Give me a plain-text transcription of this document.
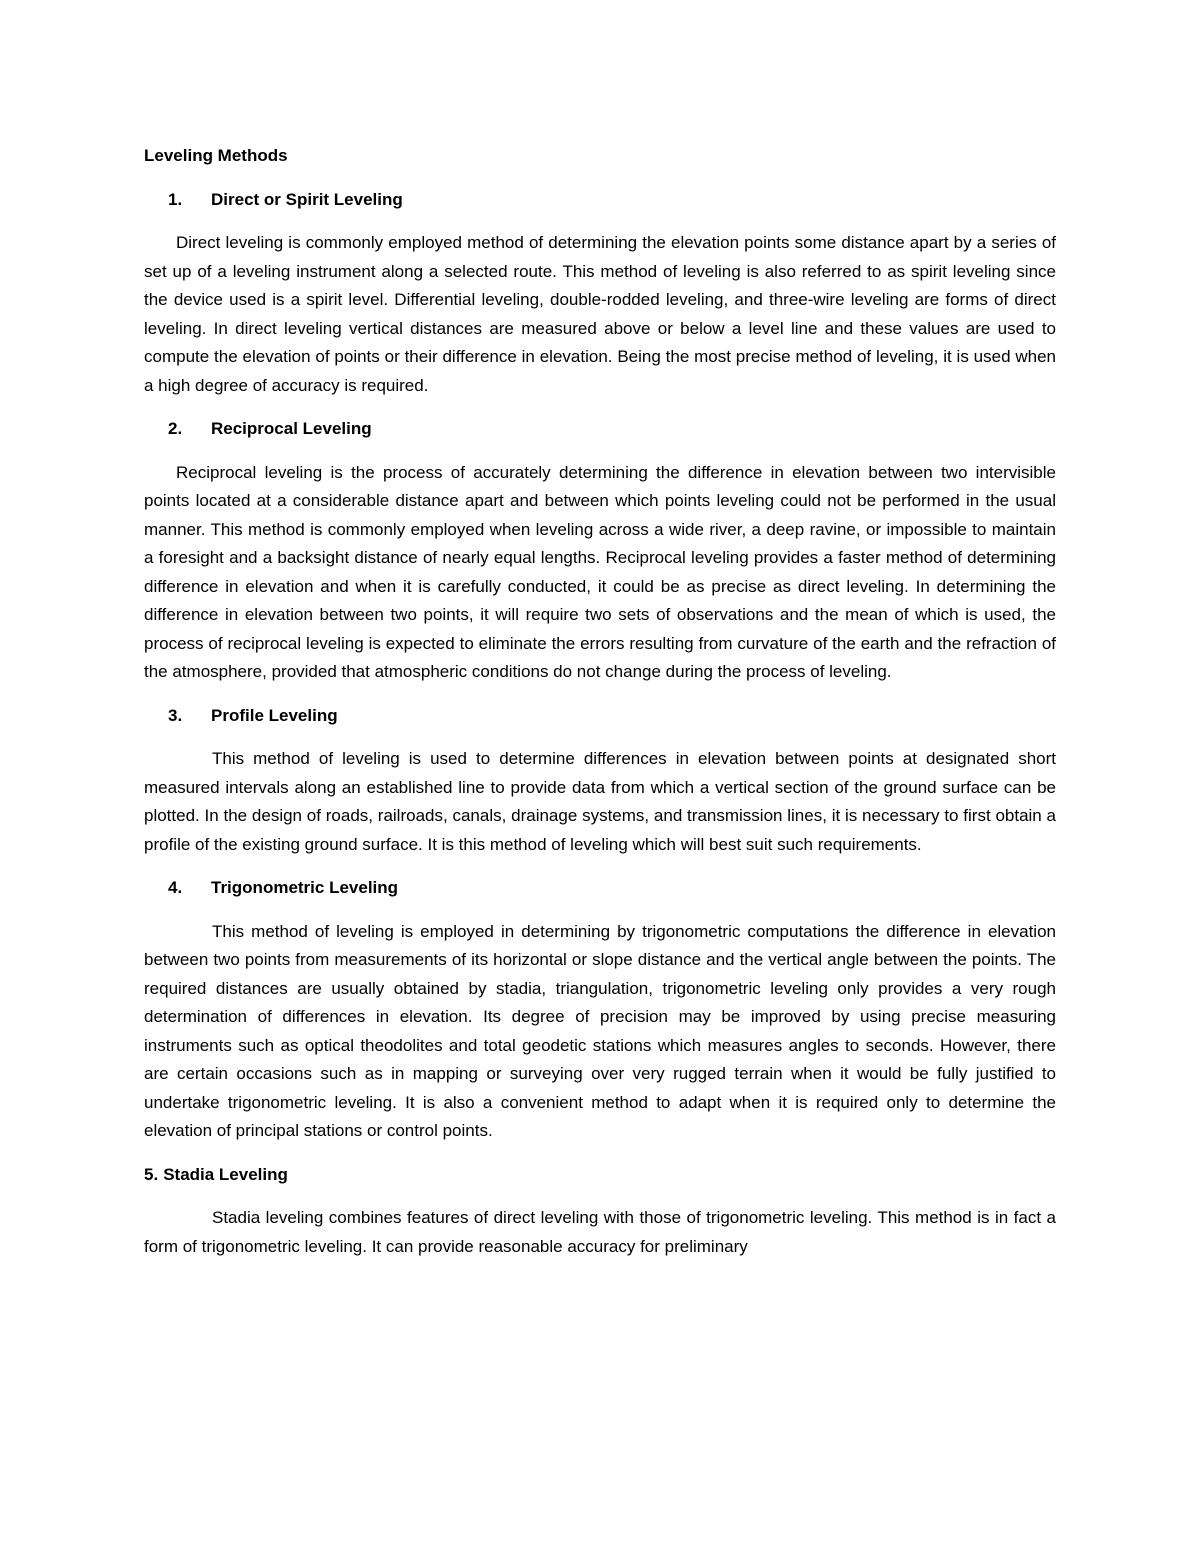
Leveling Methods
1.	Direct or Spirit Leveling

Direct leveling is commonly employed method of determining the elevation points some distance apart by a series of set up of a leveling instrument along a selected route. This method of leveling is also referred to as spirit leveling since the device used is a spirit level. Differential leveling, double-rodded leveling, and three-wire leveling are forms of direct leveling. In direct leveling vertical distances are measured above or below a level line and these values are used to compute the elevation of points or their difference in elevation. Being the most precise method of leveling, it is used when a high degree of accuracy is required.

2.	Reciprocal Leveling

Reciprocal leveling is the process of accurately determining the difference in elevation between two intervisible points located at a considerable distance apart and between which points leveling could not be performed in the usual manner. This method is commonly employed when leveling across a wide river, a deep ravine, or impossible to maintain a foresight and a backsight distance of nearly equal lengths. Reciprocal leveling provides a faster method of determining difference in elevation and when it is carefully conducted, it could be as precise as direct leveling. In determining the difference in elevation between two points, it will require two sets of observations and the mean of which is used, the process of reciprocal leveling is expected to eliminate the errors resulting from curvature of the earth and the refraction of the atmosphere, provided that atmospheric conditions do not change during the process of leveling.

3.	Profile Leveling

This method of leveling is used to determine differences in elevation between points at designated short measured intervals along an established line to provide data from which a vertical section of the ground surface can be plotted. In the design of roads, railroads, canals, drainage systems, and transmission lines, it is necessary to first obtain a profile of the existing ground surface. It is this method of leveling which will best suit such requirements.

4.	Trigonometric Leveling

This method of leveling is employed in determining by trigonometric computations the difference in elevation between two points from measurements of its horizontal or slope distance and the vertical angle between the points. The required distances are usually obtained by stadia, triangulation, trigonometric leveling only provides a very rough determination of differences in elevation. Its degree of precision may be improved by using precise measuring instruments such as optical theodolites and total geodetic stations which measures angles to seconds. However, there are certain occasions such as in mapping or surveying over very rugged terrain when it would be fully justified to undertake trigonometric leveling. It is also a convenient method to adapt when it is required only to determine the elevation of principal stations or control points.

5. Stadia Leveling

Stadia leveling combines features of direct leveling with those of trigonometric leveling. This method is in fact a form of trigonometric leveling. It can provide reasonable accuracy for preliminary
